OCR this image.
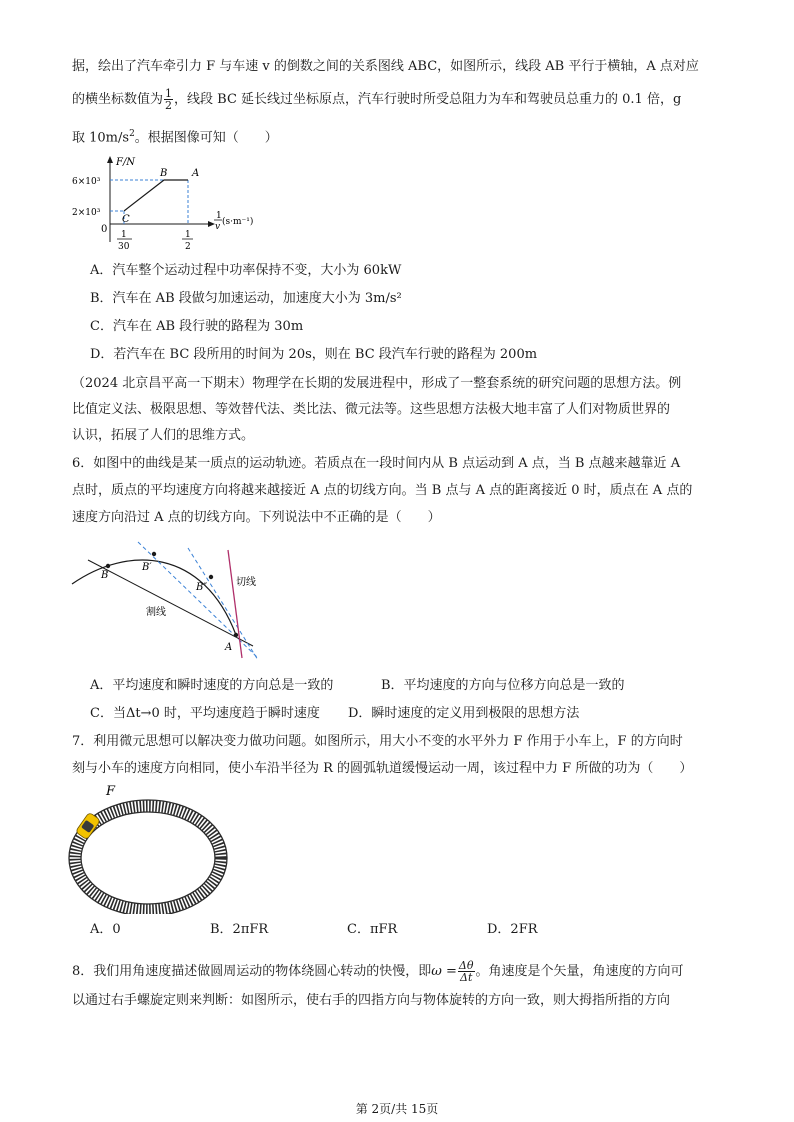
据，绘出了汽车牵引力 F 与车速 v 的倒数之间的关系图线 ABC，如图所示，线段 AB 平行于横轴，A 点对应
的横坐标数值为 $\frac{1}{2}$ ，线段 BC 延长线过坐标原点，汽车行驶时所受总阻力为车和驾驶员总重力的 0.1 倍，g
取 $10m/s^2$。根据图像可知（　　）
F/N
6×10³
2×10³
0
C
B A
1
30
1
2
1
v (s·m⁻¹)
A．汽车整个运动过程中功率保持不变，大小为 60kW
B．汽车在 AB 段做匀加速运动，加速度大小为 3m/s²
C．汽车在 AB 段行驶的路程为 30m
D．若汽车在 BC 段所用的时间为 20s，则在 BC 段汽车行驶的路程为 200m
（2024 北京昌平高一下期末）物理学在长期的发展进程中，形成了一整套系统的研究问题的思想方法。例
比值定义法、极限思想、等效替代法、类比法、微元法等。这些思想方法极大地丰富了人们对物质世界的
认识，拓展了人们的思维方式。
6．如图中的曲线是某一质点的运动轨迹。若质点在一段时间内从 B 点运动到 A 点，当 B 点越来越靠近 A
点时，质点的平均速度方向将越来越接近 A 点的切线方向。当 B 点与 A 点的距离接近 0 时，质点在 A 点的
速度方向沿过 A 点的切线方向。下列说法中不正确的是（　　）
B
B′
B″
A
切线
割线
A．平均速度和瞬时速度的方向总是一致的	B．平均速度的方向与位移方向总是一致的
C．当Δt→0 时，平均速度趋于瞬时速度 D．瞬时速度的定义用到极限的思想方法
7．利用微元思想可以解决变力做功问题。如图所示，用大小不变的水平外力 F 作用于小车上，F 的方向时
刻与小车的速度方向相同，使小车沿半径为 R 的圆弧轨道缓慢运动一周，该过程中力 F 所做的功为（　　）
F
A．0	B．2πFR	C．πFR	D．2FR
8．我们用角速度描述做圆周运动的物体绕圆心转动的快慢，即$\omega = \frac{\Delta\theta}{\Delta t}$ 。角速度是个矢量，角速度的方向可
以通过右手螺旋定则来判断：如图所示，使右手的四指方向与物体旋转的方向一致，则大拇指所指的方向
第 2页/共 15页
